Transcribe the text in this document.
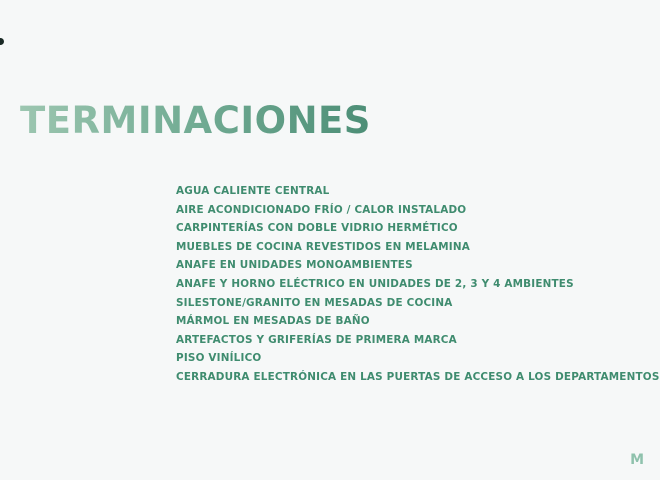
TERMINACIONES
AGUA CALIENTE CENTRAL
AIRE ACONDICIONADO FRÍO / CALOR INSTALADO
CARPINTERÍAS CON DOBLE VIDRIO HERMÉTICO
MUEBLES DE COCINA REVESTIDOS EN MELAMINA
ANAFE EN UNIDADES MONOAMBIENTES
ANAFE Y HORNO ELÉCTRICO EN UNIDADES DE 2, 3 Y 4 AMBIENTES
SILESTONE/GRANITO EN MESADAS DE COCINA
MÁRMOL EN MESADAS DE BAÑO
ARTEFACTOS Y GRIFERÍAS DE PRIMERA MARCA
PISO VINÍLICO
CERRADURA ELECTRÓNICA EN LAS PUERTAS DE ACCESO A LOS DEPARTAMENTOS
M
